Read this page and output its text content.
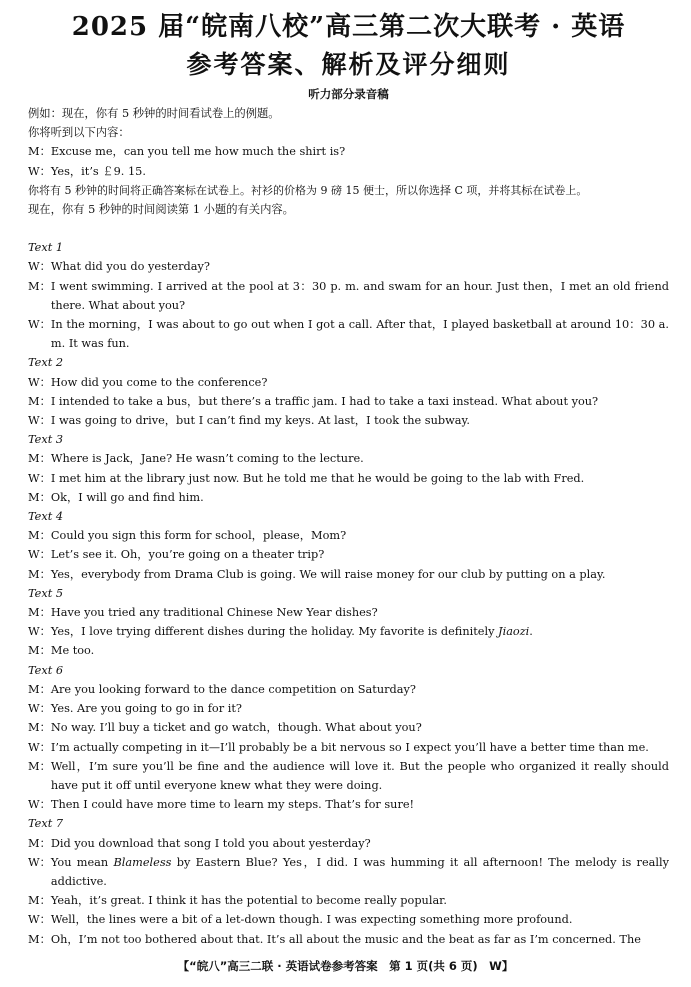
2025 届“皖南八校”高三第二次大联考 · 英语
参考答案、解析及评分细则
听力部分录音稿
例如：现在，你有 5 秒钟的时间看试卷上的例题。
你将听到以下内容：
M：Excuse me，can you tell me how much the shirt is?
W：Yes，it’s ￡9. 15.
你将有 5 秒钟的时间将正确答案标在试卷上。衬衫的价格为 9 磅 15 便士，所以你选择 C 项，并将其标在试卷上。
现在，你有 5 秒钟的时间阅读第 1 小题的有关内容。
Text 1
W： What did you do yesterday?
M： I went swimming. I arrived at the pool at 3：30 p. m. and swam for an hour. Just then，I met an old friend there. What about you?
W： In the morning，I was about to go out when I got a call. After that，I played basketball at around 10：30 a. m. It was fun.
Text 2
W： How did you come to the conference?
M： I intended to take a bus，but there’s a traffic jam. I had to take a taxi instead. What about you?
W： I was going to drive，but I can’t find my keys. At last，I took the subway.
Text 3
M： Where is Jack，Jane? He wasn’t coming to the lecture.
W： I met him at the library just now. But he told me that he would be going to the lab with Fred.
M： Ok，I will go and find him.
Text 4
M： Could you sign this form for school，please，Mom?
W： Let’s see it. Oh，you’re going on a theater trip?
M： Yes，everybody from Drama Club is going. We will raise money for our club by putting on a play.
Text 5
M： Have you tried any traditional Chinese New Year dishes?
W： Yes，I love trying different dishes during the holiday. My favorite is definitely Jiaozi.
M： Me too.
Text 6
M： Are you looking forward to the dance competition on Saturday?
W： Yes. Are you going to go in for it?
M： No way. I’ll buy a ticket and go watch，though. What about you?
W： I’m actually competing in it—I’ll probably be a bit nervous so I expect you’ll have a better time than me.
M： Well，I’m sure you’ll be fine and the audience will love it. But the people who organized it really should have put it off until everyone knew what they were doing.
W： Then I could have more time to learn my steps. That’s for sure!
Text 7
M： Did you download that song I told you about yesterday?
W： You mean Blameless by Eastern Blue? Yes，I did. I was humming it all afternoon! The melody is really addictive.
M： Yeah，it’s great. I think it has the potential to become really popular.
W： Well，the lines were a bit of a let-down though. I was expecting something more profound.
M： Oh，I’m not too bothered about that. It’s all about the music and the beat as far as I’m concerned. The
【“皖八”高三二联 · 英语试卷参考答案　第 1 页(共 6 页)　W】
